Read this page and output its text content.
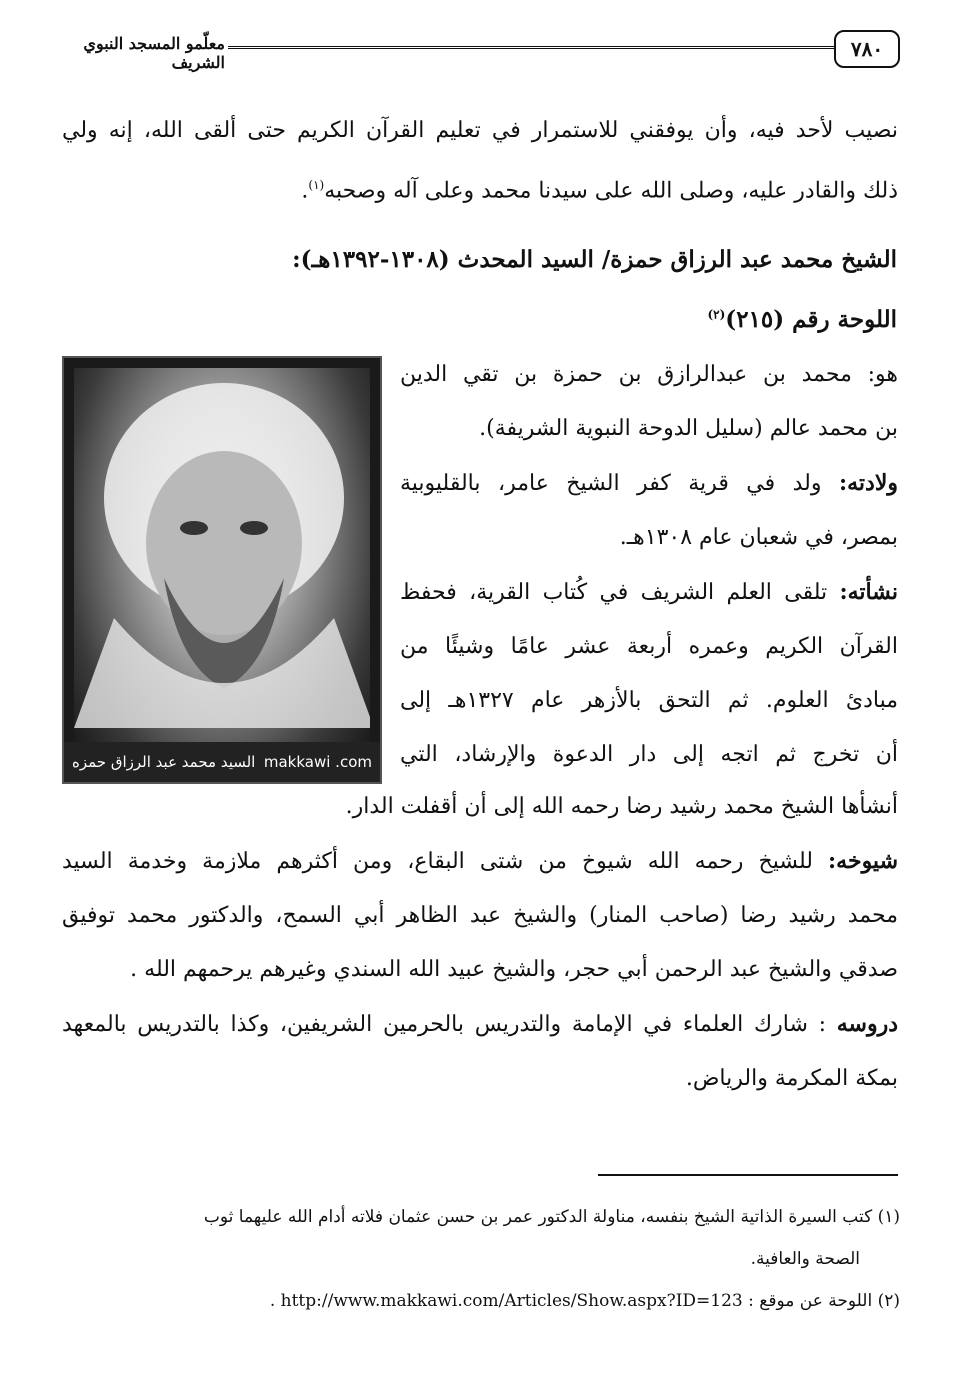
٧٨٠
معلّمو المسجد النبوي الشريف
نصيب لأحد فيه، وأن يوفقني للاستمرار في تعليم القرآن الكريم حتى ألقى الله، إنه ولي
ذلك والقادر عليه، وصلى الله على سيدنا محمد وعلى آله وصحبه$^{(١)}$.
الشيخ محمد عبد الرزاق حمزة/ السيد المحدث (١٣٠٨-١٣٩٢هـ):
اللوحة رقم (٢١٥)$^{(٢)}$
السيد محمد عبد الرزاق حمزه makkawi .com
هو: محمد بن عبدالرازق بن حمزة بن تقي الدين
بن محمد عالم (سليل الدوحة النبوية الشريفة).
ولادته: ولد في قرية كفر الشيخ عامر، بالقليوبية
بمصر، في شعبان عام ١٣٠٨هـ.
نشأته: تلقى العلم الشريف في كُتاب القرية، فحفظ
القرآن الكريم وعمره أربعة عشر عامًا وشيئًا من
مبادئ العلوم. ثم التحق بالأزهر عام ١٣٢٧هـ إلى
أن تخرج ثم اتجه إلى دار الدعوة والإرشاد، التي
أنشأها الشيخ محمد رشيد رضا رحمه الله إلى أن أقفلت الدار.
شيوخه: للشيخ رحمه الله شيوخ من شتى البقاع، ومن أكثرهم ملازمة وخدمة السيد
محمد رشيد رضا (صاحب المنار) والشيخ عبد الظاهر أبي السمح، والدكتور محمد توفيق
صدقي والشيخ عبد الرحمن أبي حجر، والشيخ عبيد الله السندي وغيرهم يرحمهم الله .
دروسه : شارك العلماء في الإمامة والتدريس بالحرمين الشريفين، وكذا بالتدريس بالمعهد
بمكة المكرمة والرياض.
(١) كتب السيرة الذاتية الشيخ بنفسه، مناولة الدكتور عمر بن حسن عثمان فلاته أدام الله عليهما ثوب
الصحة والعافية.
(٢) اللوحة عن موقع : http://www.makkawi.com/Articles/Show.aspx?ID=123 .
